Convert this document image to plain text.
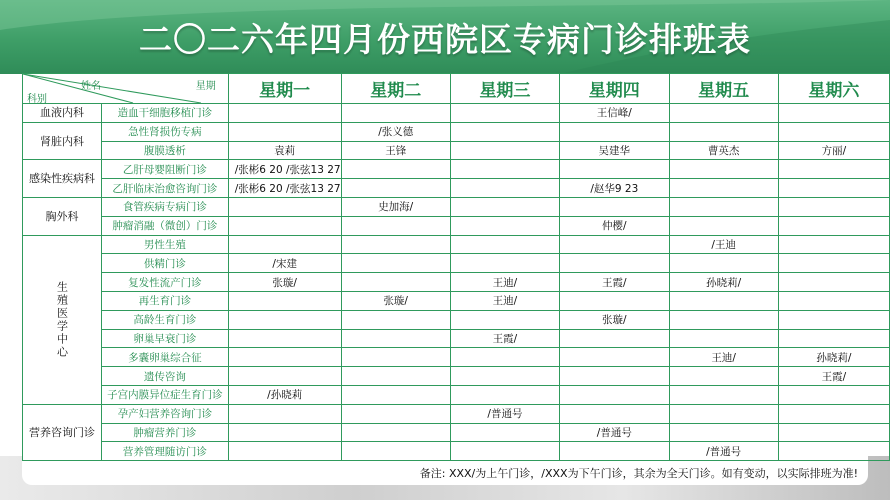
二〇二六年四月份西院区专病门诊排班表
姓名 星期
科别		星期一	星期二	星期三	星期四	星期五	星期六
血液内科	造血干细胞移植门诊				王信峰/		
肾脏内科	急性肾损伤专病		/张义德				
	腹膜透析	袁莉	王锋		吴建华	曹英杰	方丽/
感染性疾病科	乙肝母婴阻断门诊	/张彬6 20 /张弦13 27					
	乙肝临床治愈咨询门诊	/张彬6 20 /张弦13 27			/赵华9 23		
胸外科	食管疾病专病门诊		史加海/				
	肿瘤消融（微创）门诊				仲樱/		
生殖医学中心	男性生殖					/王迪	
	供精门诊	/宋建					
	复发性流产门诊	张璇/		王迪/	王霞/	孙晓莉/	
	再生育门诊		张璇/	王迪/			
	高龄生育门诊				张璇/		
	卵巢早衰门诊			王霞/			
	多囊卵巢综合征					王迪/	孙晓莉/
	遗传咨询						王霞/
	子宫内膜异位症生育门诊	/孙晓莉					
营养咨询门诊	孕产妇营养咨询门诊			/普通号			
	肿瘤营养门诊				/普通号		
	营养管理随访门诊					/普通号	
备注: XXX/为上午门诊，/XXX为下午门诊，其余为全天门诊。如有变动，以实际排班为准!
